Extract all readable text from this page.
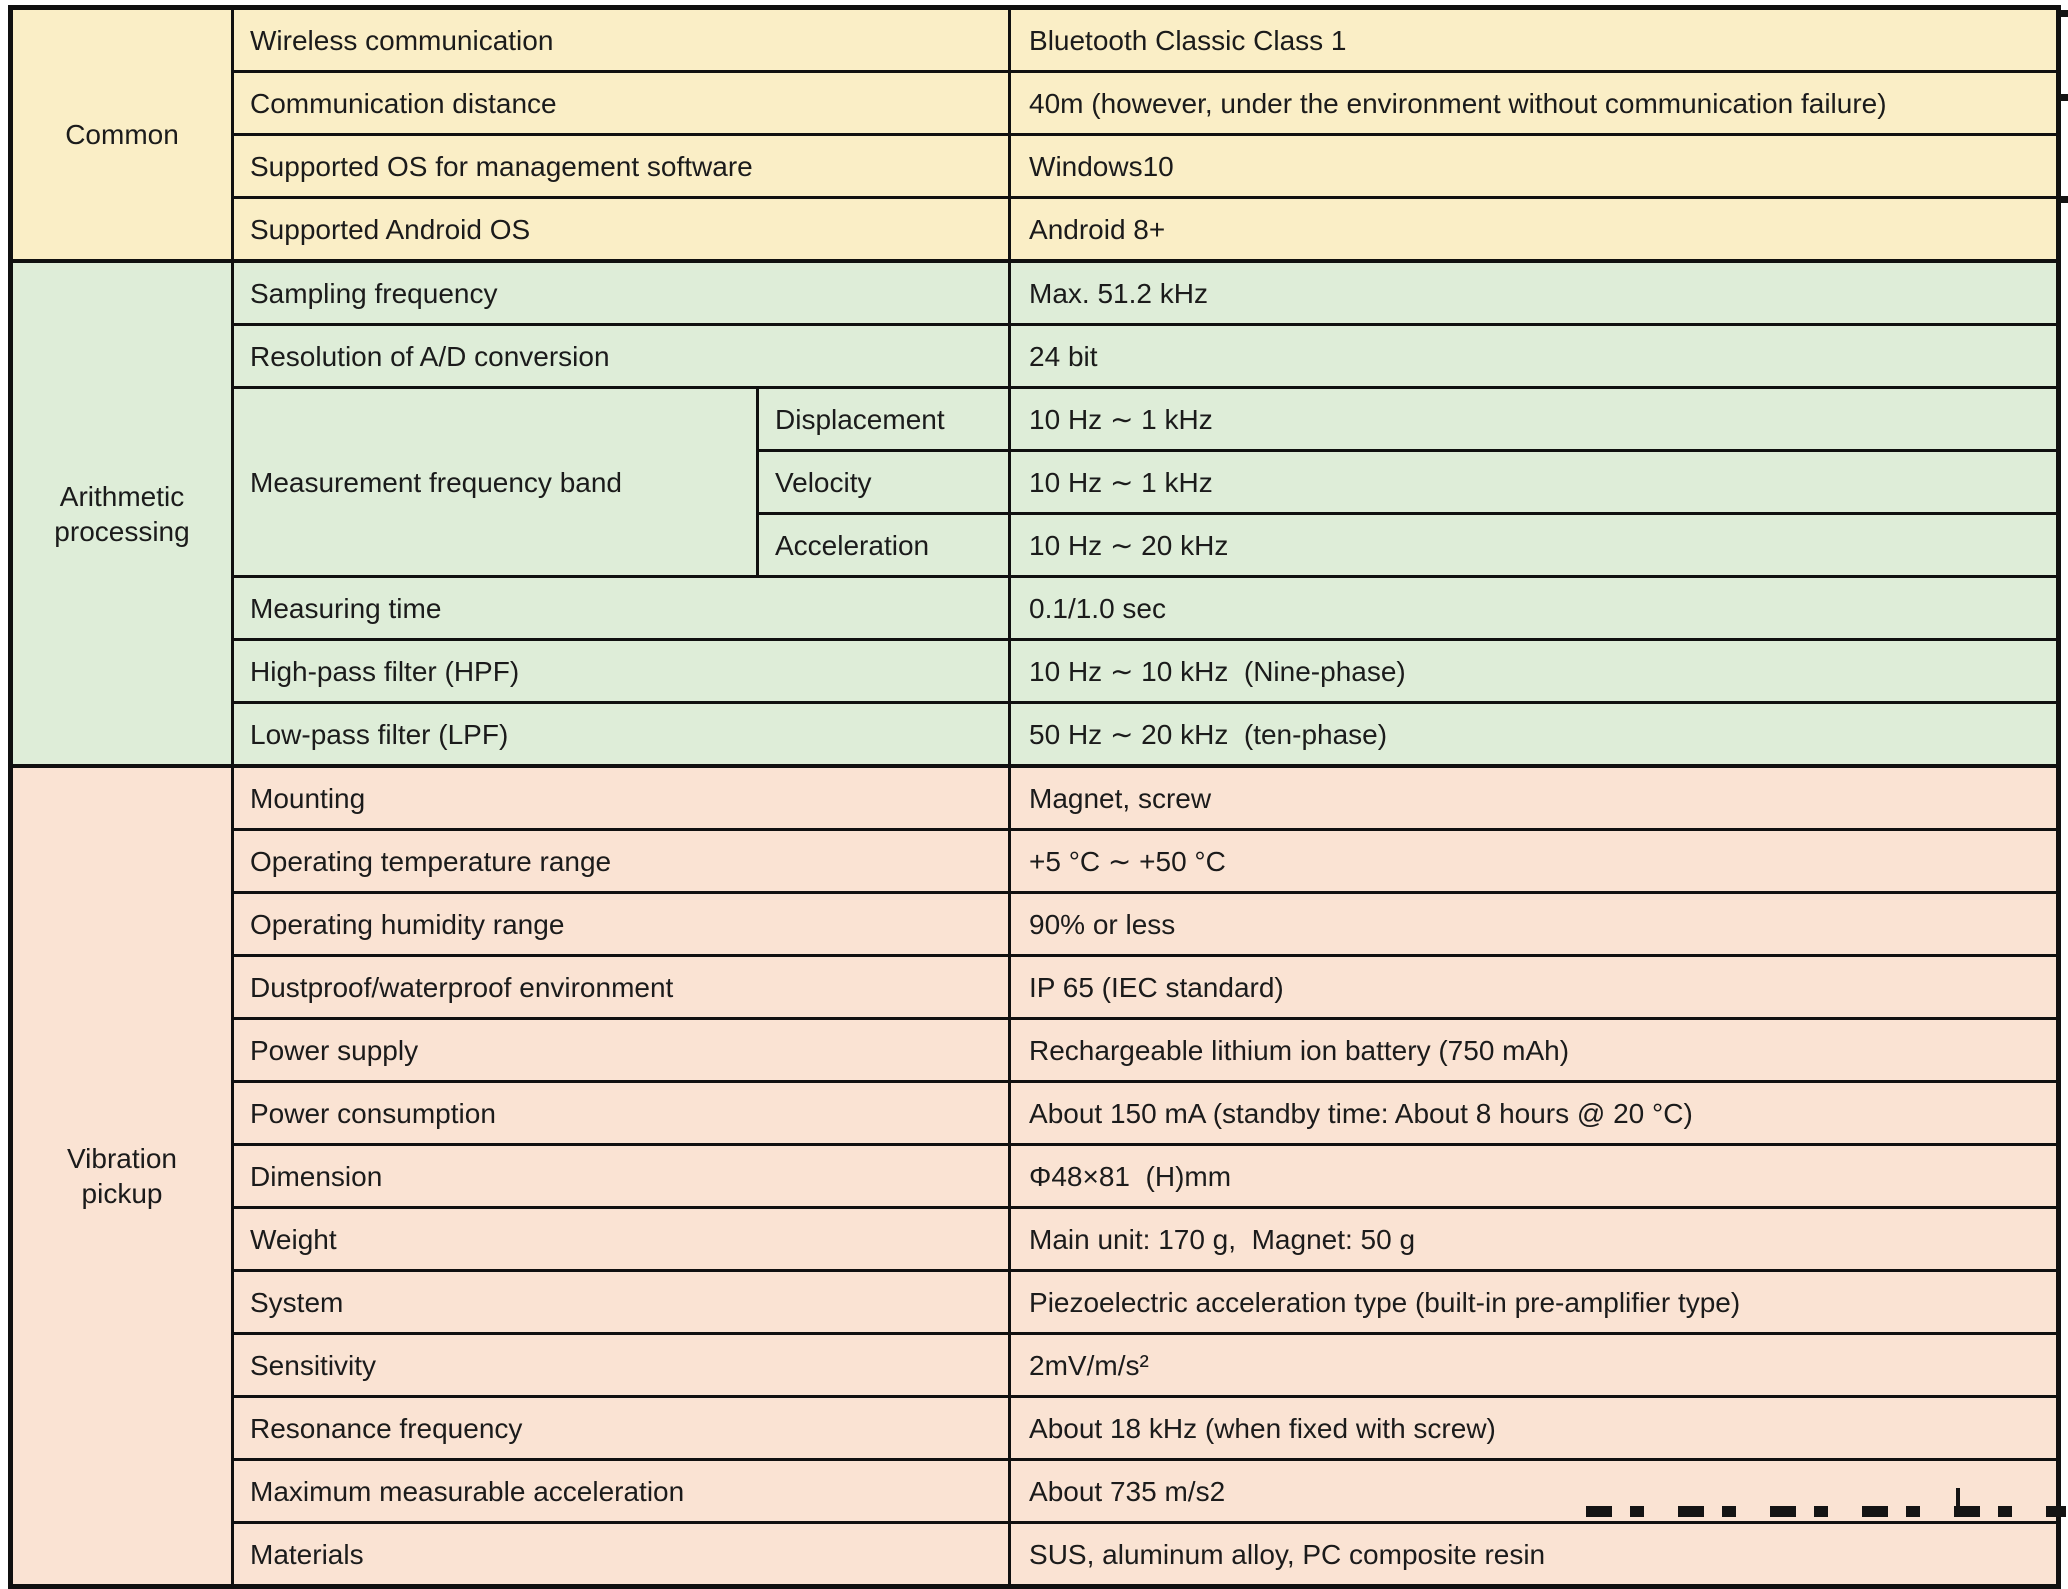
Common	Wireless communication		Bluetooth Classic Class 1
	Communication distance		40m (however, under the environment without communication failure)
	Supported OS for management software		Windows10
	Supported Android OS		Android 8+
Arithmetic processing	Sampling frequency		Max. 51.2 kHz
	Resolution of A/D conversion		24 bit
	Measurement frequency band	Displacement	10 Hz ∼ 1 kHz
		Velocity	10 Hz ∼ 1 kHz
		Acceleration	10 Hz ∼ 20 kHz
	Measuring time		0.1/1.0 sec
	High-pass filter (HPF)		10 Hz ∼ 10 kHz  (Nine-phase)
	Low-pass filter (LPF)		50 Hz ∼ 20 kHz  (ten-phase)
Vibration pickup	Mounting		Magnet, screw
	Operating temperature range		+5 °C ∼ +50 °C
	Operating humidity range		90% or less
	Dustproof/waterproof environment		IP 65 (IEC standard)
	Power supply		Rechargeable lithium ion battery (750 mAh)
	Power consumption		About 150 mA (standby time: About 8 hours @ 20 °C)
	Dimension		Φ48×81  (H)mm
	Weight		Main unit: 170 g,  Magnet: 50 g
	System		Piezoelectric acceleration type (built-in pre-amplifier type)
	Sensitivity		2mV/m/s²
	Resonance frequency		About 18 kHz (when fixed with screw)
	Maximum measurable acceleration		About 735 m/s2
	Materials		SUS, aluminum alloy, PC composite resin
